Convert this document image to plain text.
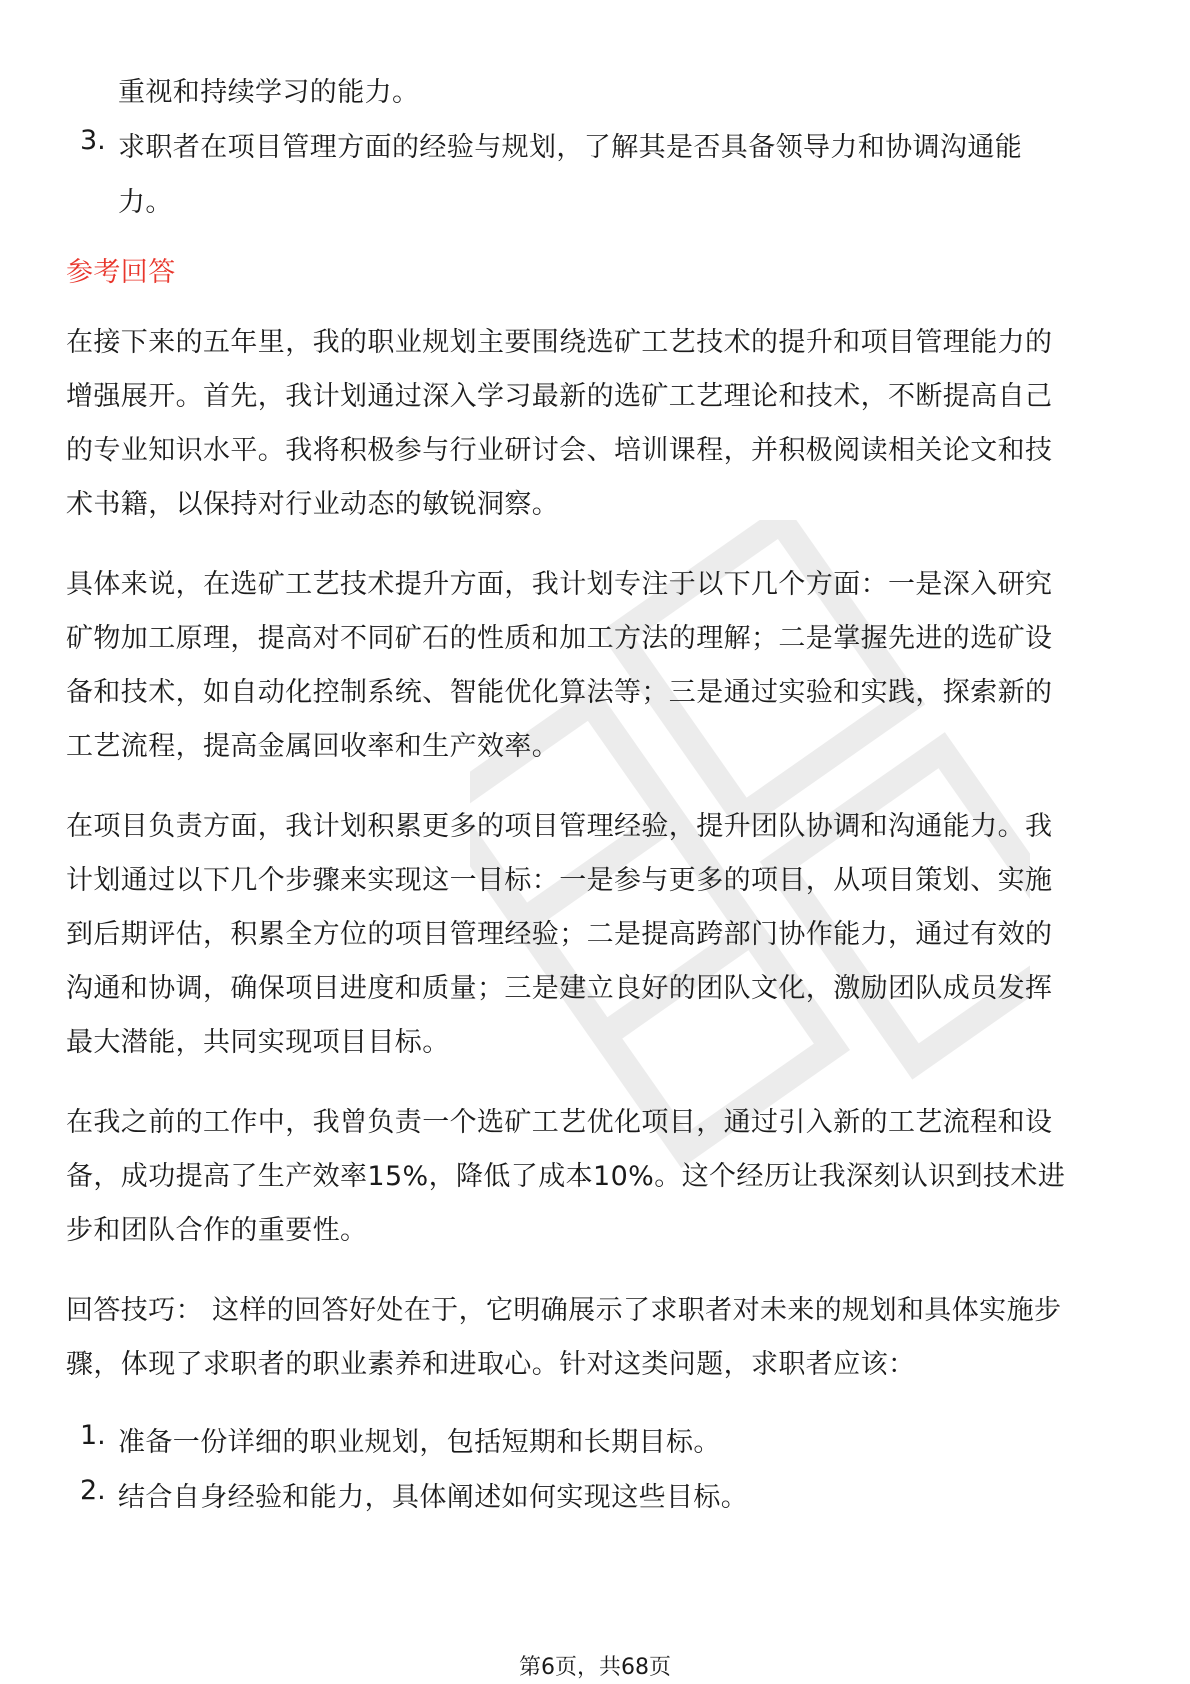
重视和持续学习的能力。
3. 求职者在项目管理方面的经验与规划，了解其是否具备领导力和协调沟通能
力。
参考回答
在接下来的五年里，我的职业规划主要围绕选矿工艺技术的提升和项目管理能力的
增强展开。首先，我计划通过深入学习最新的选矿工艺理论和技术，不断提高自己
的专业知识水平。我将积极参与行业研讨会、培训课程，并积极阅读相关论文和技
术书籍，以保持对行业动态的敏锐洞察。
具体来说，在选矿工艺技术提升方面，我计划专注于以下几个方面：一是深入研究
矿物加工原理，提高对不同矿石的性质和加工方法的理解；二是掌握先进的选矿设
备和技术，如自动化控制系统、智能优化算法等；三是通过实验和实践，探索新的
工艺流程，提高金属回收率和生产效率。
在项目负责方面，我计划积累更多的项目管理经验，提升团队协调和沟通能力。我
计划通过以下几个步骤来实现这一目标：一是参与更多的项目，从项目策划、实施
到后期评估，积累全方位的项目管理经验；二是提高跨部门协作能力，通过有效的
沟通和协调，确保项目进度和质量；三是建立良好的团队文化，激励团队成员发挥
最大潜能，共同实现项目目标。
在我之前的工作中，我曾负责一个选矿工艺优化项目，通过引入新的工艺流程和设
备，成功提高了生产效率15%，降低了成本10%。这个经历让我深刻认识到技术进
步和团队合作的重要性。
回答技巧： 这样的回答好处在于，它明确展示了求职者对未来的规划和具体实施步
骤，体现了求职者的职业素养和进取心。针对这类问题，求职者应该：
1. 准备一份详细的职业规划，包括短期和长期目标。
2. 结合自身经验和能力，具体阐述如何实现这些目标。
第6页，共68页
